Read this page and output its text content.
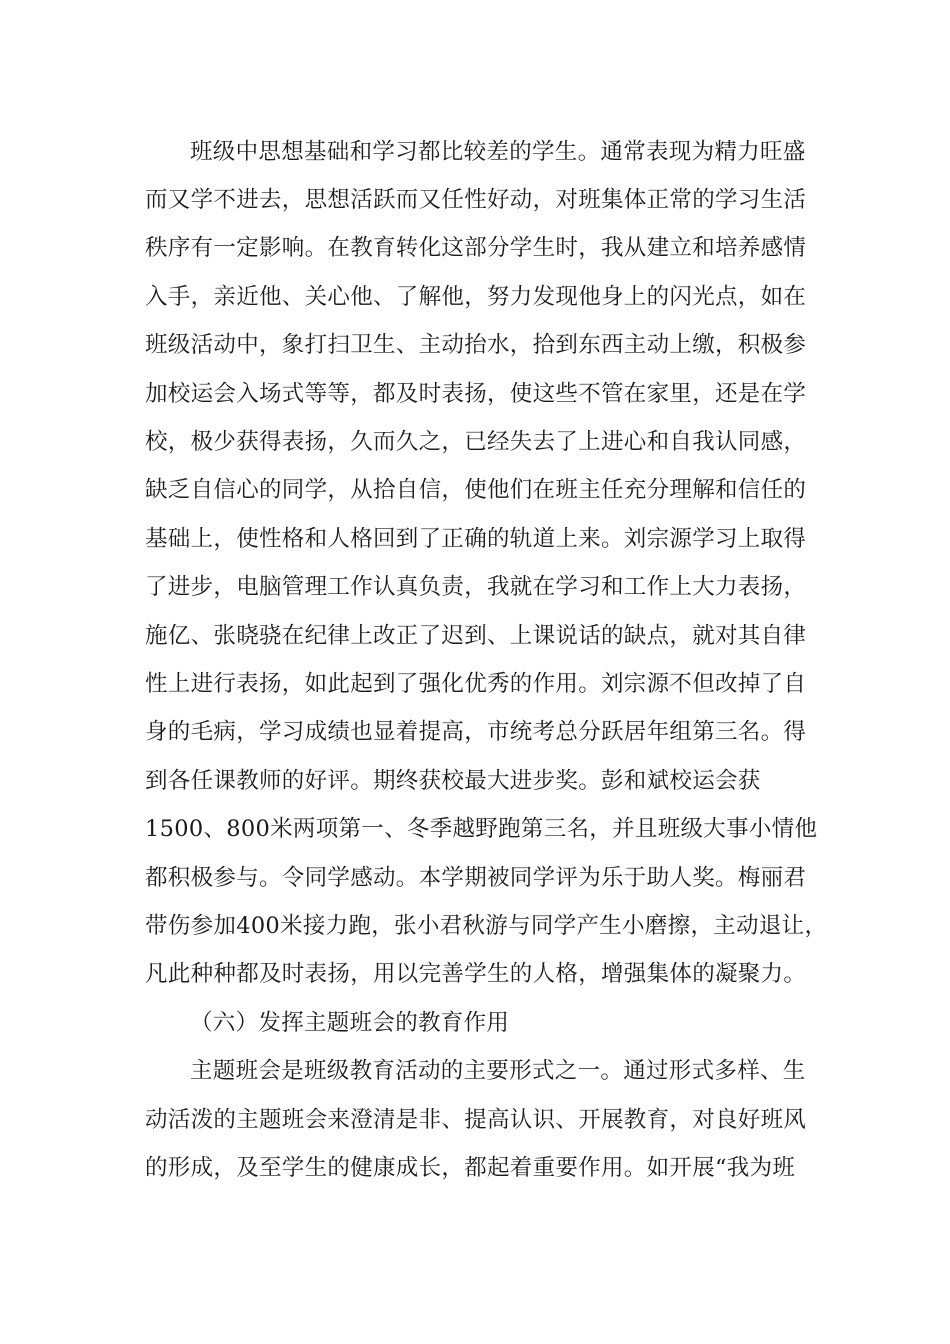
班级中思想基础和学习都比较差的学生。通常表现为精力旺盛
而又学不进去，思想活跃而又任性好动，对班集体正常的学习生活
秩序有一定影响。在教育转化这部分学生时，我从建立和培养感情
入手，亲近他、关心他、了解他，努力发现他身上的闪光点，如在
班级活动中，象打扫卫生、主动抬水，拾到东西主动上缴，积极参
加校运会入场式等等，都及时表扬，使这些不管在家里，还是在学
校，极少获得表扬，久而久之，已经失去了上进心和自我认同感，
缺乏自信心的同学，从拾自信，使他们在班主任充分理解和信任的
基础上，使性格和人格回到了正确的轨道上来。刘宗源学习上取得
了进步，电脑管理工作认真负责，我就在学习和工作上大力表扬，
施亿、张晓骁在纪律上改正了迟到、上课说话的缺点，就对其自律
性上进行表扬，如此起到了强化优秀的作用。刘宗源不但改掉了自
身的毛病，学习成绩也显着提高，市统考总分跃居年组第三名。得
到各任课教师的好评。期终获校最大进步奖。彭和斌校运会获
1500、800米两项第一、冬季越野跑第三名，并且班级大事小情他
都积极参与。令同学感动。本学期被同学评为乐于助人奖。梅丽君
带伤参加400米接力跑，张小君秋游与同学产生小磨擦，主动退让，
凡此种种都及时表扬，用以完善学生的人格，增强集体的凝聚力。
（六）发挥主题班会的教育作用
主题班会是班级教育活动的主要形式之一。通过形式多样、生
动活泼的主题班会来澄清是非、提高认识、开展教育，对良好班风
的形成，及至学生的健康成长，都起着重要作用。如开展“我为班
